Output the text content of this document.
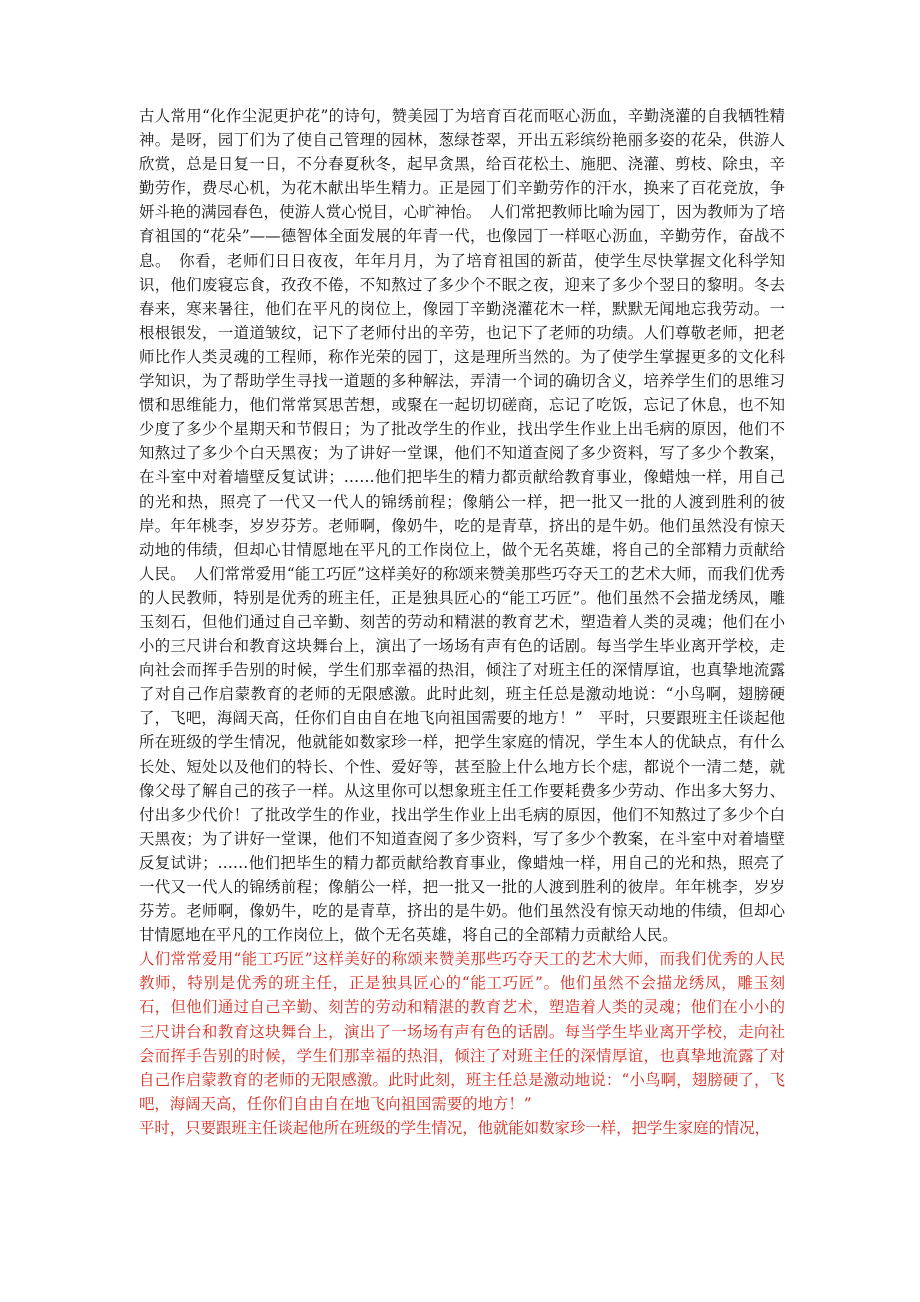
古人常用“化作尘泥更护花”的诗句，赞美园丁为培育百花而呕心沥血，辛勤浇灌的自我牺牲精神。是呀，园丁们为了使自己管理的园林，葱绿苍翠，开出五彩缤纷艳丽多姿的花朵，供游人欣赏，总是日复一日，不分春夏秋冬，起早贪黑，给百花松土、施肥、浇灌、剪枝、除虫，辛勤劳作，费尽心机，为花木献出毕生精力。正是园丁们辛勤劳作的汗水，换来了百花竞放，争妍斗艳的满园春色，使游人赏心悦目，心旷神怡。　人们常把教师比喻为园丁，因为教师为了培育祖国的“花朵”——德智体全面发展的年青一代，也像园丁一样呕心沥血，辛勤劳作，奋战不息。　你看，老师们日日夜夜，年年月月，为了培育祖国的新苗，使学生尽快掌握文化科学知识，他们废寝忘食，孜孜不倦，不知熬过了多少个不眠之夜，迎来了多少个翌日的黎明。冬去春来，寒来暑往，他们在平凡的岗位上，像园丁辛勤浇灌花木一样，默默无闻地忘我劳动。一根根银发，一道道皱纹，记下了老师付出的辛劳，也记下了老师的功绩。人们尊敬老师，把老师比作人类灵魂的工程师，称作光荣的园丁，这是理所当然的。为了使学生掌握更多的文化科学知识，为了帮助学生寻找一道题的多种解法，弄清一个词的确切含义，培养学生们的思维习惯和思维能力，他们常常冥思苦想，或聚在一起切切磋商，忘记了吃饭，忘记了休息，也不知少度了多少个星期天和节假日；为了批改学生的作业，找出学生作业上出毛病的原因，他们不知熬过了多少个白天黑夜；为了讲好一堂课，他们不知道查阅了多少资料，写了多少个教案，在斗室中对着墙壁反复试讲；……他们把毕生的精力都贡献给教育事业，像蜡烛一样，用自己的光和热，照亮了一代又一代人的锦绣前程；像艄公一样，把一批又一批的人渡到胜利的彼岸。年年桃李，岁岁芬芳。老师啊，像奶牛，吃的是青草，挤出的是牛奶。他们虽然没有惊天动地的伟绩，但却心甘情愿地在平凡的工作岗位上，做个无名英雄，将自己的全部精力贡献给人民。　人们常常爱用“能工巧匠”这样美好的称颂来赞美那些巧夺天工的艺术大师，而我们优秀的人民教师，特别是优秀的班主任，正是独具匠心的“能工巧匠”。他们虽然不会描龙绣凤，雕玉刻石，但他们通过自己辛勤、刻苦的劳动和精湛的教育艺术，塑造着人类的灵魂；他们在小小的三尺讲台和教育这块舞台上，演出了一场场有声有色的话剧。每当学生毕业离开学校，走向社会而挥手告别的时候，学生们那幸福的热泪，倾注了对班主任的深情厚谊，也真挚地流露了对自己作启蒙教育的老师的无限感激。此时此刻，班主任总是激动地说：“小鸟啊，翅膀硬了，飞吧，海阔天高，任你们自由自在地飞向祖国需要的地方！”　平时，只要跟班主任谈起他所在班级的学生情况，他就能如数家珍一样，把学生家庭的情况，学生本人的优缺点，有什么长处、短处以及他们的特长、个性、爱好等，甚至脸上什么地方长个痣，都说个一清二楚，就像父母了解自己的孩子一样。从这里你可以想象班主任工作要耗费多少劳动、作出多大努力、付出多少代价！了批改学生的作业，找出学生作业上出毛病的原因，他们不知熬过了多少个白天黑夜；为了讲好一堂课，他们不知道查阅了多少资料，写了多少个教案，在斗室中对着墙壁反复试讲；……他们把毕生的精力都贡献给教育事业，像蜡烛一样，用自己的光和热，照亮了一代又一代人的锦绣前程；像艄公一样，把一批又一批的人渡到胜利的彼岸。年年桃李，岁岁芬芳。老师啊，像奶牛，吃的是青草，挤出的是牛奶。他们虽然没有惊天动地的伟绩，但却心甘情愿地在平凡的工作岗位上，做个无名英雄，将自己的全部精力贡献给人民。

人们常常爱用“能工巧匠”这样美好的称颂来赞美那些巧夺天工的艺术大师，而我们优秀的人民教师，特别是优秀的班主任，正是独具匠心的“能工巧匠”。他们虽然不会描龙绣凤，雕玉刻石，但他们通过自己辛勤、刻苦的劳动和精湛的教育艺术，塑造着人类的灵魂；他们在小小的三尺讲台和教育这块舞台上，演出了一场场有声有色的话剧。每当学生毕业离开学校，走向社会而挥手告别的时候，学生们那幸福的热泪，倾注了对班主任的深情厚谊，也真挚地流露了对自己作启蒙教育的老师的无限感激。此时此刻，班主任总是激动地说：“小鸟啊，翅膀硬了，飞吧，海阔天高，任你们自由自在地飞向祖国需要的地方！”

平时，只要跟班主任谈起他所在班级的学生情况，他就能如数家珍一样，把学生家庭的情况，
